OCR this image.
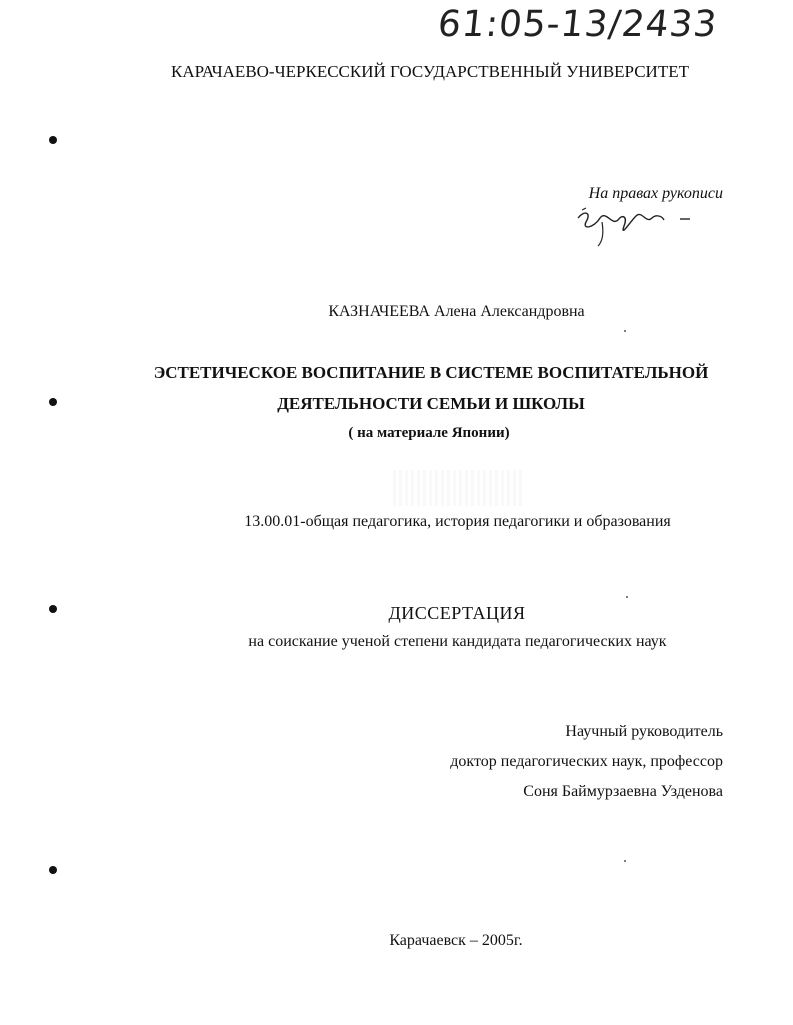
61:05-13/2433
КАРАЧАЕВО-ЧЕРКЕССКИЙ ГОСУДАРСТВЕННЫЙ УНИВЕРСИТЕТ
На правах рукописи
КАЗНАЧЕЕВА Алена Александровна
ЭСТЕТИЧЕСКОЕ ВОСПИТАНИЕ В СИСТЕМЕ ВОСПИТАТЕЛЬНОЙ
ДЕЯТЕЛЬНОСТИ СЕМЬИ И ШКОЛЫ
( на материале Японии)
13.00.01-общая педагогика, история педагогики и образования
ДИССЕРТАЦИЯ
на соискание ученой степени кандидата педагогических наук
Научный руководитель
доктор педагогических наук, профессор
Соня Баймурзаевна Узденова
Карачаевск – 2005г.
